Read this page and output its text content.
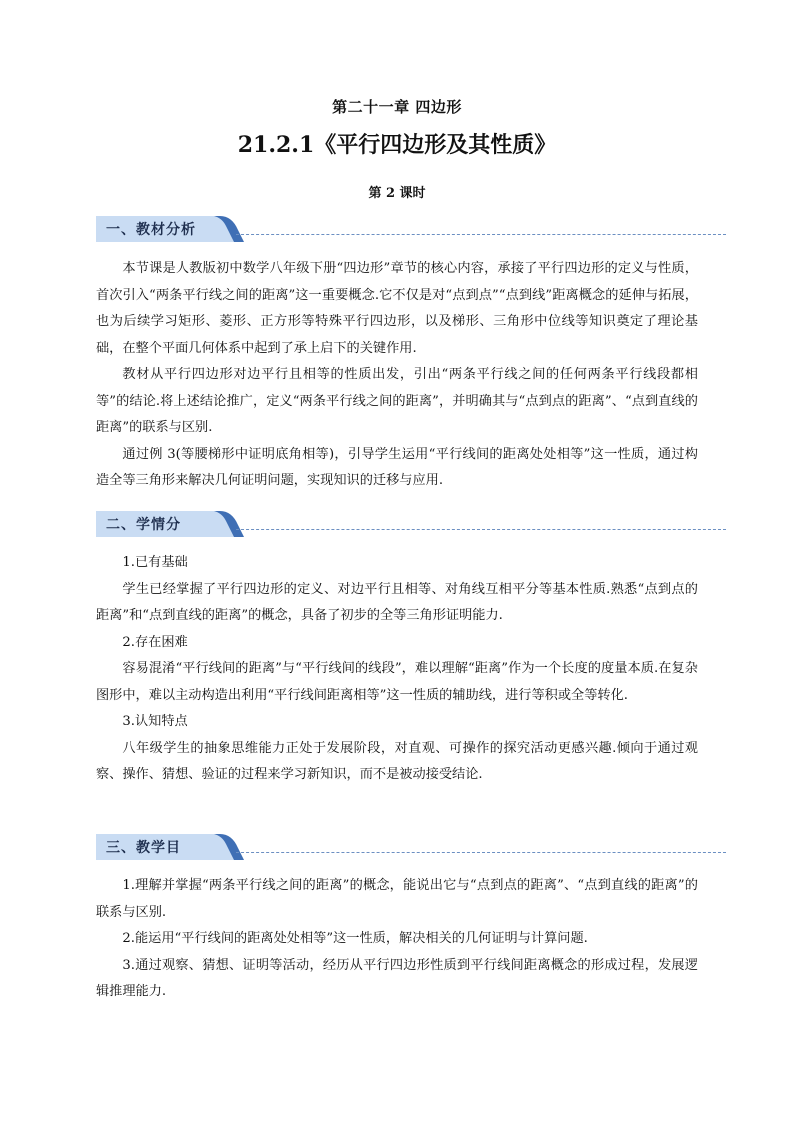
第二十一章 四边形
21.2.1《平行四边形及其性质》
第 2 课时
一、教材分析

本节课是人教版初中数学八年级下册“四边形”章节的核心内容，承接了平行四边形的定义与性质，首次引入“两条平行线之间的距离”这一重要概念.它不仅是对“点到点”“点到线”距离概念的延伸与拓展，也为后续学习矩形、菱形、正方形等特殊平行四边形，以及梯形、三角形中位线等知识奠定了理论基础，在整个平面几何体系中起到了承上启下的关键作用.

教材从平行四边形对边平行且相等的性质出发，引出“两条平行线之间的任何两条平行线段都相等”的结论.将上述结论推广，定义“两条平行线之间的距离”，并明确其与“点到点的距离”、“点到直线的距离”的联系与区别.

通过例 3(等腰梯形中证明底角相等)，引导学生运用“平行线间的距离处处相等”这一性质，通过构造全等三角形来解决几何证明问题，实现知识的迁移与应用.

二、学情分

1.已有基础

学生已经掌握了平行四边形的定义、对边平行且相等、对角线互相平分等基本性质.熟悉“点到点的距离”和“点到直线的距离”的概念，具备了初步的全等三角形证明能力.

2.存在困难

容易混淆“平行线间的距离”与“平行线间的线段”，难以理解“距离”作为一个长度的度量本质.在复杂图形中，难以主动构造出利用“平行线间距离相等”这一性质的辅助线，进行等积或全等转化.

3.认知特点

八年级学生的抽象思维能力正处于发展阶段，对直观、可操作的探究活动更感兴趣.倾向于通过观察、操作、猜想、验证的过程来学习新知识，而不是被动接受结论.

三、教学目

1.理解并掌握“两条平行线之间的距离”的概念，能说出它与“点到点的距离”、“点到直线的距离”的联系与区别.

2.能运用“平行线间的距离处处相等”这一性质，解决相关的几何证明与计算问题.

3.通过观察、猜想、证明等活动，经历从平行四边形性质到平行线间距离概念的形成过程，发展逻辑推理能力.
